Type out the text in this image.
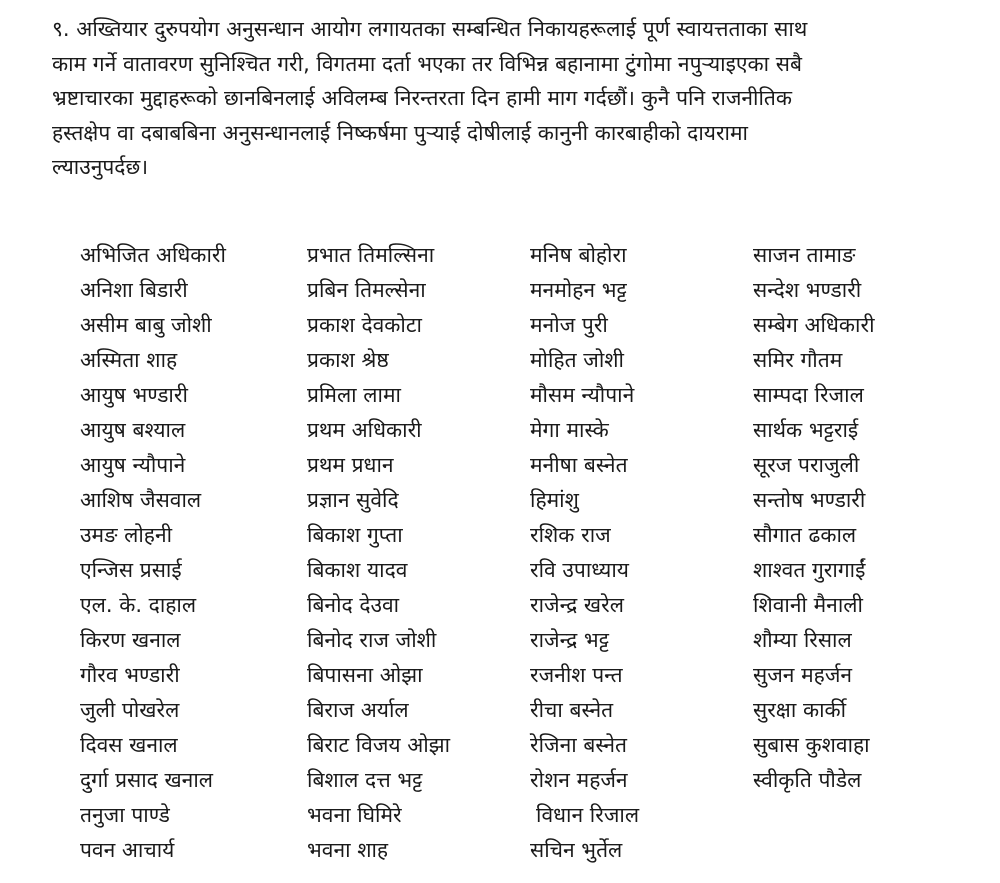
९. अख्तियार दुरुपयोग अनुसन्धान आयोग लगायतका सम्बन्धित निकायहरूलाई पूर्ण स्वायत्तताका साथ
काम गर्ने वातावरण सुनिश्चित गरी, विगतमा दर्ता भएका तर विभिन्न बहानामा टुंगोमा नपुऱ्याइएका सबै
भ्रष्टाचारका मुद्दाहरूको छानबिनलाई अविलम्ब निरन्तरता दिन हामी माग गर्दछौं। कुनै पनि राजनीतिक
हस्तक्षेप वा दबाबबिना अनुसन्धानलाई निष्कर्षमा पुऱ्याई दोषीलाई कानुनी कारबाहीको दायरामा
ल्याउनुपर्दछ।

अभिजित अधिकारी
अनिशा बिडारी
असीम बाबु जोशी
अस्मिता शाह
आयुष भण्डारी
आयुष बश्याल
आयुष न्यौपाने
आशिष जैसवाल
उमङ लोहनी
एन्जिस प्रसाई
एल. के. दाहाल
किरण खनाल
गौरव भण्डारी
जुली पोखरेल
दिवस खनाल
दुर्गा प्रसाद खनाल
तनुजा पाण्डे
पवन आचार्य
प्रभात तिमल्सिना
प्रबिन तिमल्सेना
प्रकाश देवकोटा
प्रकाश श्रेष्ठ
प्रमिला लामा
प्रथम अधिकारी
प्रथम प्रधान
प्रज्ञान सुवेदि
बिकाश गुप्ता
बिकाश यादव
बिनोद देउवा
बिनोद राज जोशी
बिपासना ओझा
बिराज अर्याल
बिराट विजय ओझा
बिशाल दत्त भट्ट
भवना घिमिरे
भवना शाह
मनिष बोहोरा
मनमोहन भट्ट
मनोज पुरी
मोहित जोशी
मौसम न्यौपाने
मेगा मास्के
मनीषा बस्नेत
हिमांशु
रशिक राज
रवि उपाध्याय
राजेन्द्र खरेल
राजेन्द्र भट्ट
रजनीश पन्त
रीचा बस्नेत
रेजिना बस्नेत
रोशन महर्जन
विधान रिजाल
सचिन भुर्तेल
साजन तामाङ
सन्देश भण्डारी
सम्बेग अधिकारी
समिर गौतम
साम्पदा रिजाल
सार्थक भट्टराई
सूरज पराजुली
सन्तोष भण्डारी
सौगात ढकाल
शाश्वत गुरागाईं
शिवानी मैनाली
शौम्या रिसाल
सुजन महर्जन
सुरक्षा कार्की
सुबास कुशवाहा
स्वीकृति पौडेल
